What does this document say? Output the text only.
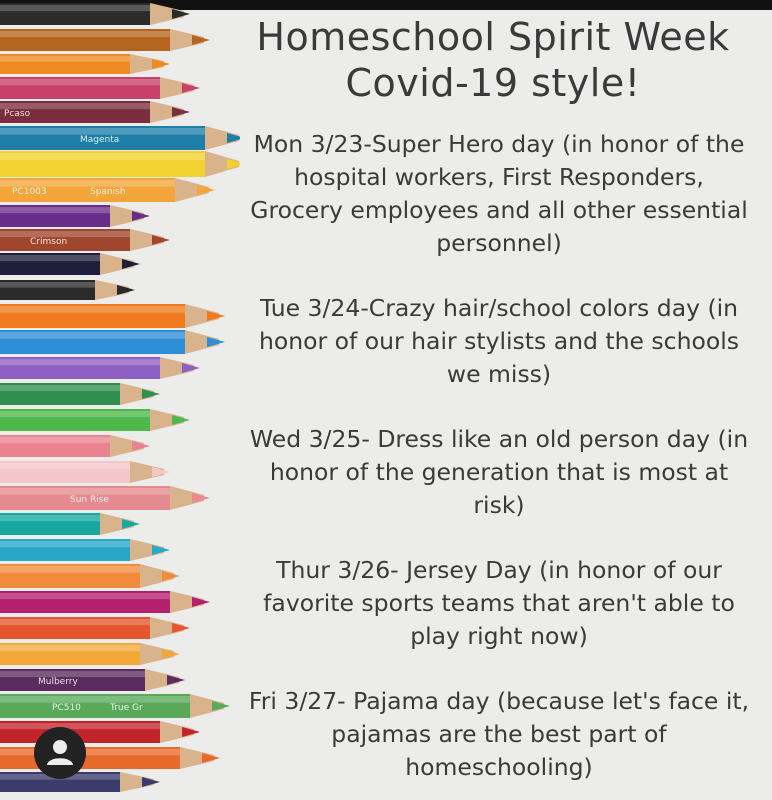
Pcaso
Magenta
PC1003	Spanish
Crimson
Sun Rise
Mulberry
PC510	True Gr
Homeschool Spirit Week
Covid-19 style!

Mon 3/23-Super Hero day (in honor of the hospital workers, First Responders, Grocery employees and all other essential personnel)

Tue 3/24-Crazy hair/school colors day (in honor of our hair stylists and the schools we miss)

Wed 3/25- Dress like an old person day (in honor of the generation that is most at risk)

Thur 3/26- Jersey Day (in honor of our favorite sports teams that aren't able to play right now)

Fri 3/27- Pajama day (because let's face it, pajamas are the best part of homeschooling)
